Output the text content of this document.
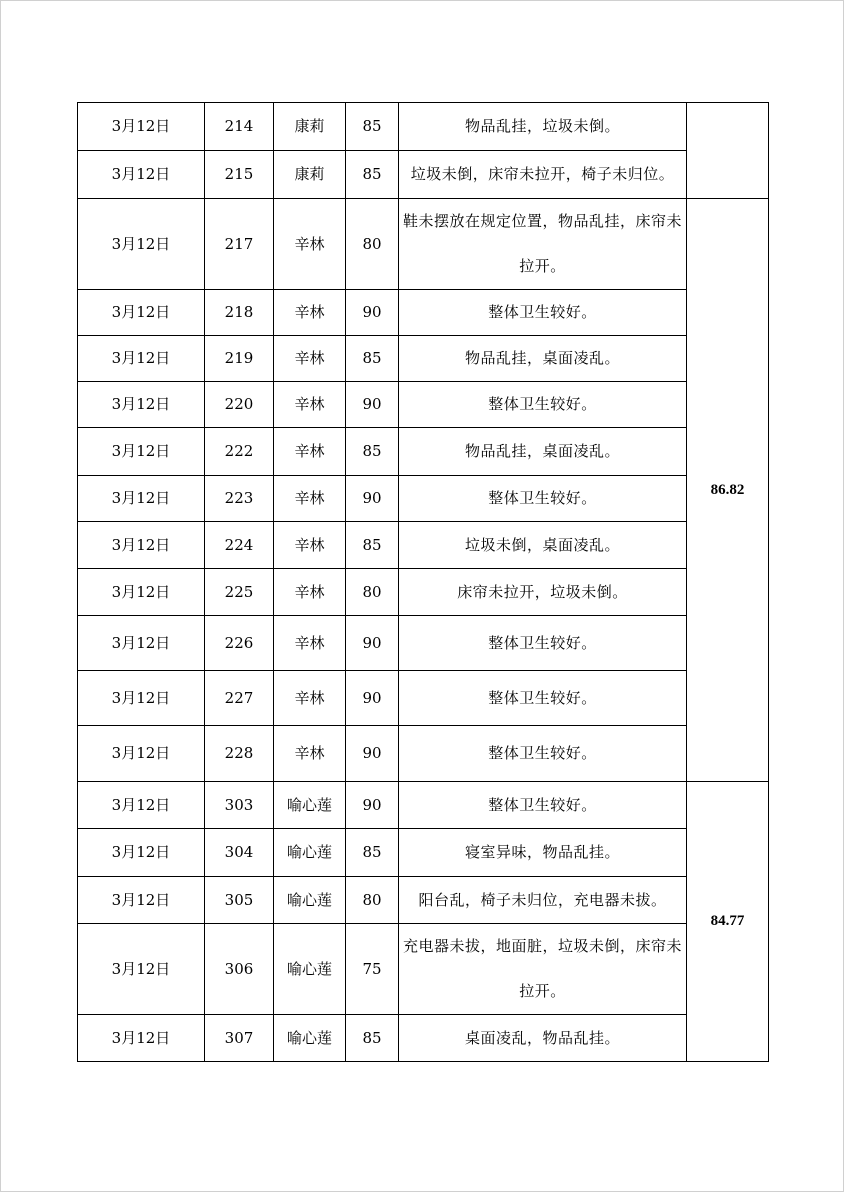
3月12日	214	康莉	85	物品乱挂，垃圾未倒。	
3月12日	215	康莉	85	垃圾未倒，床帘未拉开，椅子未归位。	
3月12日	217	辛林	80	鞋未摆放在规定位置，物品乱挂，床帘未拉开。	86.82
3月12日	218	辛林	90	整体卫生较好。	
3月12日	219	辛林	85	物品乱挂，桌面凌乱。	
3月12日	220	辛林	90	整体卫生较好。	
3月12日	222	辛林	85	物品乱挂，桌面凌乱。	
3月12日	223	辛林	90	整体卫生较好。	
3月12日	224	辛林	85	垃圾未倒，桌面凌乱。	
3月12日	225	辛林	80	床帘未拉开，垃圾未倒。	
3月12日	226	辛林	90	整体卫生较好。	
3月12日	227	辛林	90	整体卫生较好。	
3月12日	228	辛林	90	整体卫生较好。	
3月12日	303	喻心莲	90	整体卫生较好。	84.77
3月12日	304	喻心莲	85	寝室异味，物品乱挂。	
3月12日	305	喻心莲	80	阳台乱，椅子未归位，充电器未拔。	
3月12日	306	喻心莲	75	充电器未拔，地面脏，垃圾未倒，床帘未拉开。	
3月12日	307	喻心莲	85	桌面凌乱，物品乱挂。	
